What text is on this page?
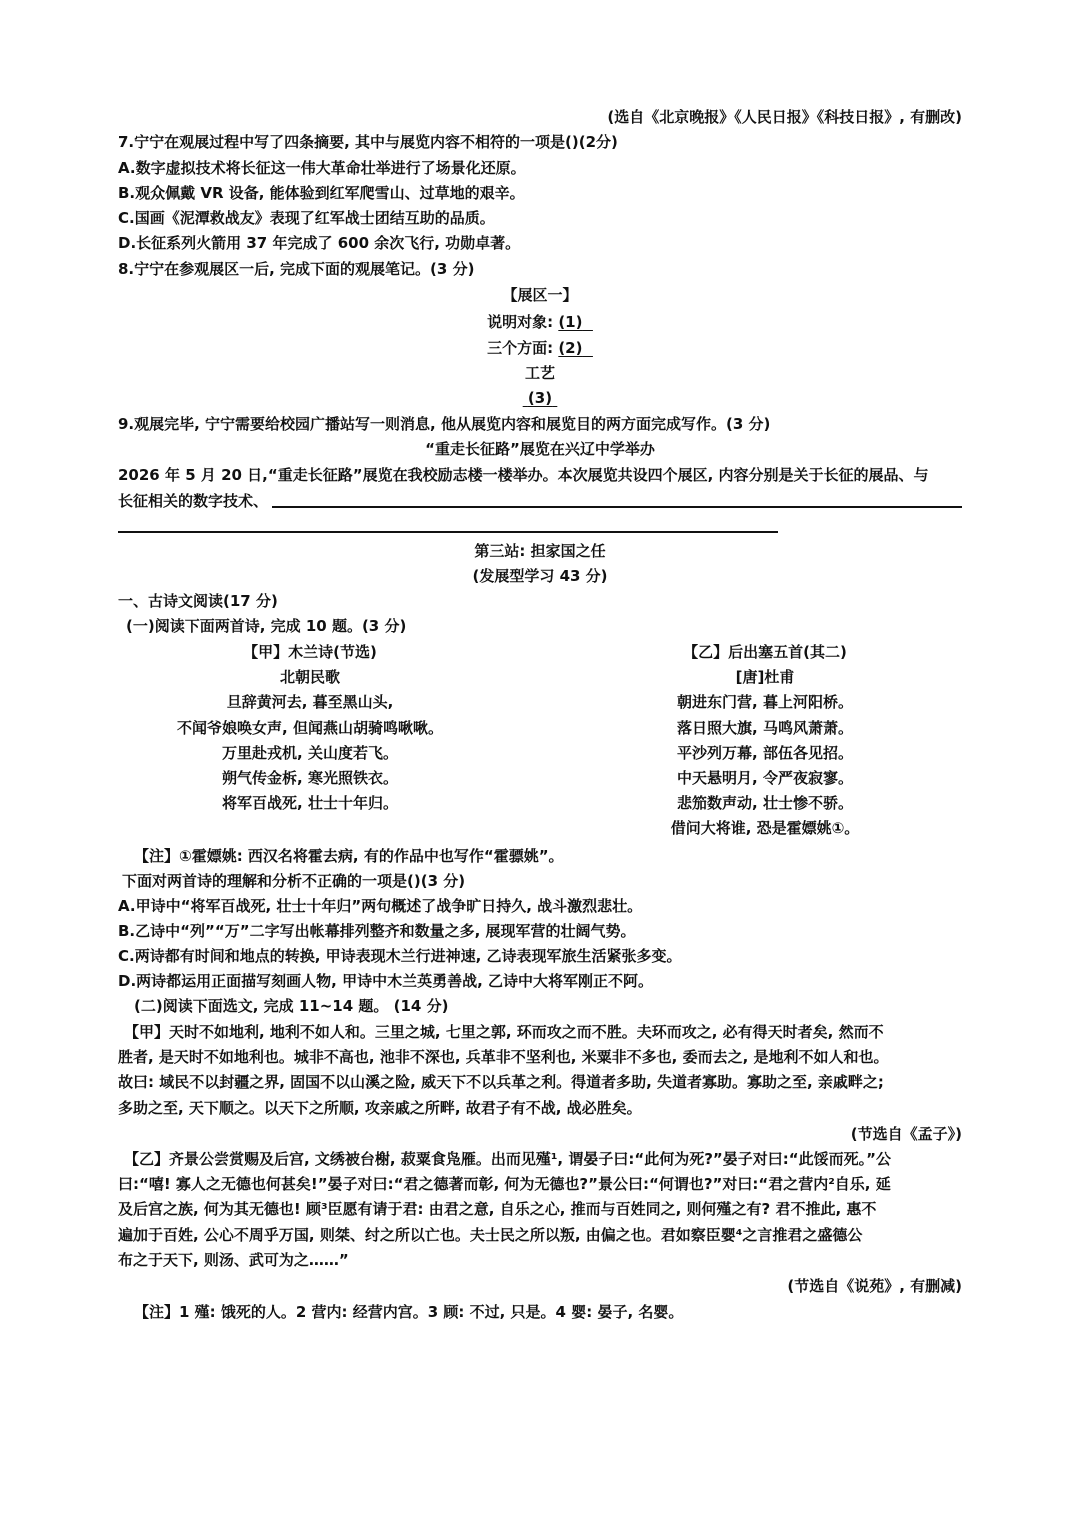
(选自《北京晚报》《人民日报》《科技日报》, 有删改)
7.宁宁在观展过程中写了四条摘要, 其中与展览内容不相符的一项是()(2分)
A.数字虚拟技术将长征这一伟大革命壮举进行了场景化还原。
B.观众佩戴 VR 设备, 能体验到红军爬雪山、过草地的艰辛。
C.国画《泥潭救战友》表现了红军战士团结互助的品质。
D.长征系列火箭用 37 年完成了 600 余次飞行, 功勋卓著。
8.宁宁在参观展区一后, 完成下面的观展笔记。(3 分)
【展区一】
说明对象: (1)
三个方面: (2)
工艺
(3)
9.观展完毕, 宁宁需要给校园广播站写一则消息, 他从展览内容和展览目的两方面完成写作。(3 分)
“重走长征路”展览在兴辽中学举办
2026 年 5 月 20 日,“重走长征路”展览在我校励志楼一楼举办。本次展览共设四个展区, 内容分别是关于长征的展品、与
长征相关的数字技术、
第三站: 担家国之任
(发展型学习 43 分)
一、古诗文阅读(17 分)
(一)阅读下面两首诗, 完成 10 题。(3 分)
【甲】木兰诗(节选)
北朝民歌
旦辞黄河去, 暮至黑山头,
不闻爷娘唤女声, 但闻燕山胡骑鸣啾啾。
万里赴戎机, 关山度若飞。
朔气传金柝, 寒光照铁衣。
将军百战死, 壮士十年归。
【乙】后出塞五首(其二)
[唐]杜甫
朝进东门营, 暮上河阳桥。
落日照大旗, 马鸣风萧萧。
平沙列万幕, 部伍各见招。
中天悬明月, 令严夜寂寥。
悲笳数声动, 壮士惨不骄。
借问大将谁, 恐是霍嫖姚①。
【注】①霍嫖姚: 西汉名将霍去病, 有的作品中也写作“霍骠姚”。
下面对两首诗的理解和分析不正确的一项是()(3 分)
A.甲诗中“将军百战死, 壮士十年归”两句概述了战争旷日持久, 战斗激烈悲壮。
B.乙诗中“列”“万”二字写出帐幕排列整齐和数量之多, 展现军营的壮阔气势。
C.两诗都有时间和地点的转换, 甲诗表现木兰行进神速, 乙诗表现军旅生活紧张多变。
D.两诗都运用正面描写刻画人物, 甲诗中木兰英勇善战, 乙诗中大将军刚正不阿。
(二)阅读下面选文, 完成 11~14 题。 (14 分)
【甲】天时不如地利, 地利不如人和。三里之城, 七里之郭, 环而攻之而不胜。夫环而攻之, 必有得天时者矣, 然而不
胜者, 是天时不如地利也。城非不高也, 池非不深也, 兵革非不坚利也, 米粟非不多也, 委而去之, 是地利不如人和也。
故曰: 域民不以封疆之界, 固国不以山溪之险, 威天下不以兵革之利。得道者多助, 失道者寡助。寡助之至, 亲戚畔之;
多助之至, 天下顺之。以天下之所顺, 攻亲戚之所畔, 故君子有不战, 战必胜矣。
(节选自《孟子》)
【乙】齐景公尝赏赐及后宫, 文绣被台榭, 菽粟食凫雁。出而见殣¹, 谓晏子曰:“此何为死?”晏子对曰:“此馁而死。”公
曰:“嘻! 寡人之无德也何甚矣!”晏子对曰:“君之德著而彰, 何为无德也?”景公曰:“何谓也?”对曰:“君之营内²自乐, 延
及后宫之族, 何为其无德也! 顾³臣愿有请于君: 由君之意, 自乐之心, 推而与百姓同之, 则何殣之有? 君不推此, 惠不
遍加于百姓, 公心不周乎万国, 则桀、纣之所以亡也。夫士民之所以叛, 由偏之也。君如察臣婴⁴之言推君之盛德公
布之于天下, 则汤、武可为之……”
(节选自《说苑》, 有删减)
【注】1 殣: 饿死的人。2 营内: 经营内宫。3 顾: 不过, 只是。4 婴: 晏子, 名婴。
